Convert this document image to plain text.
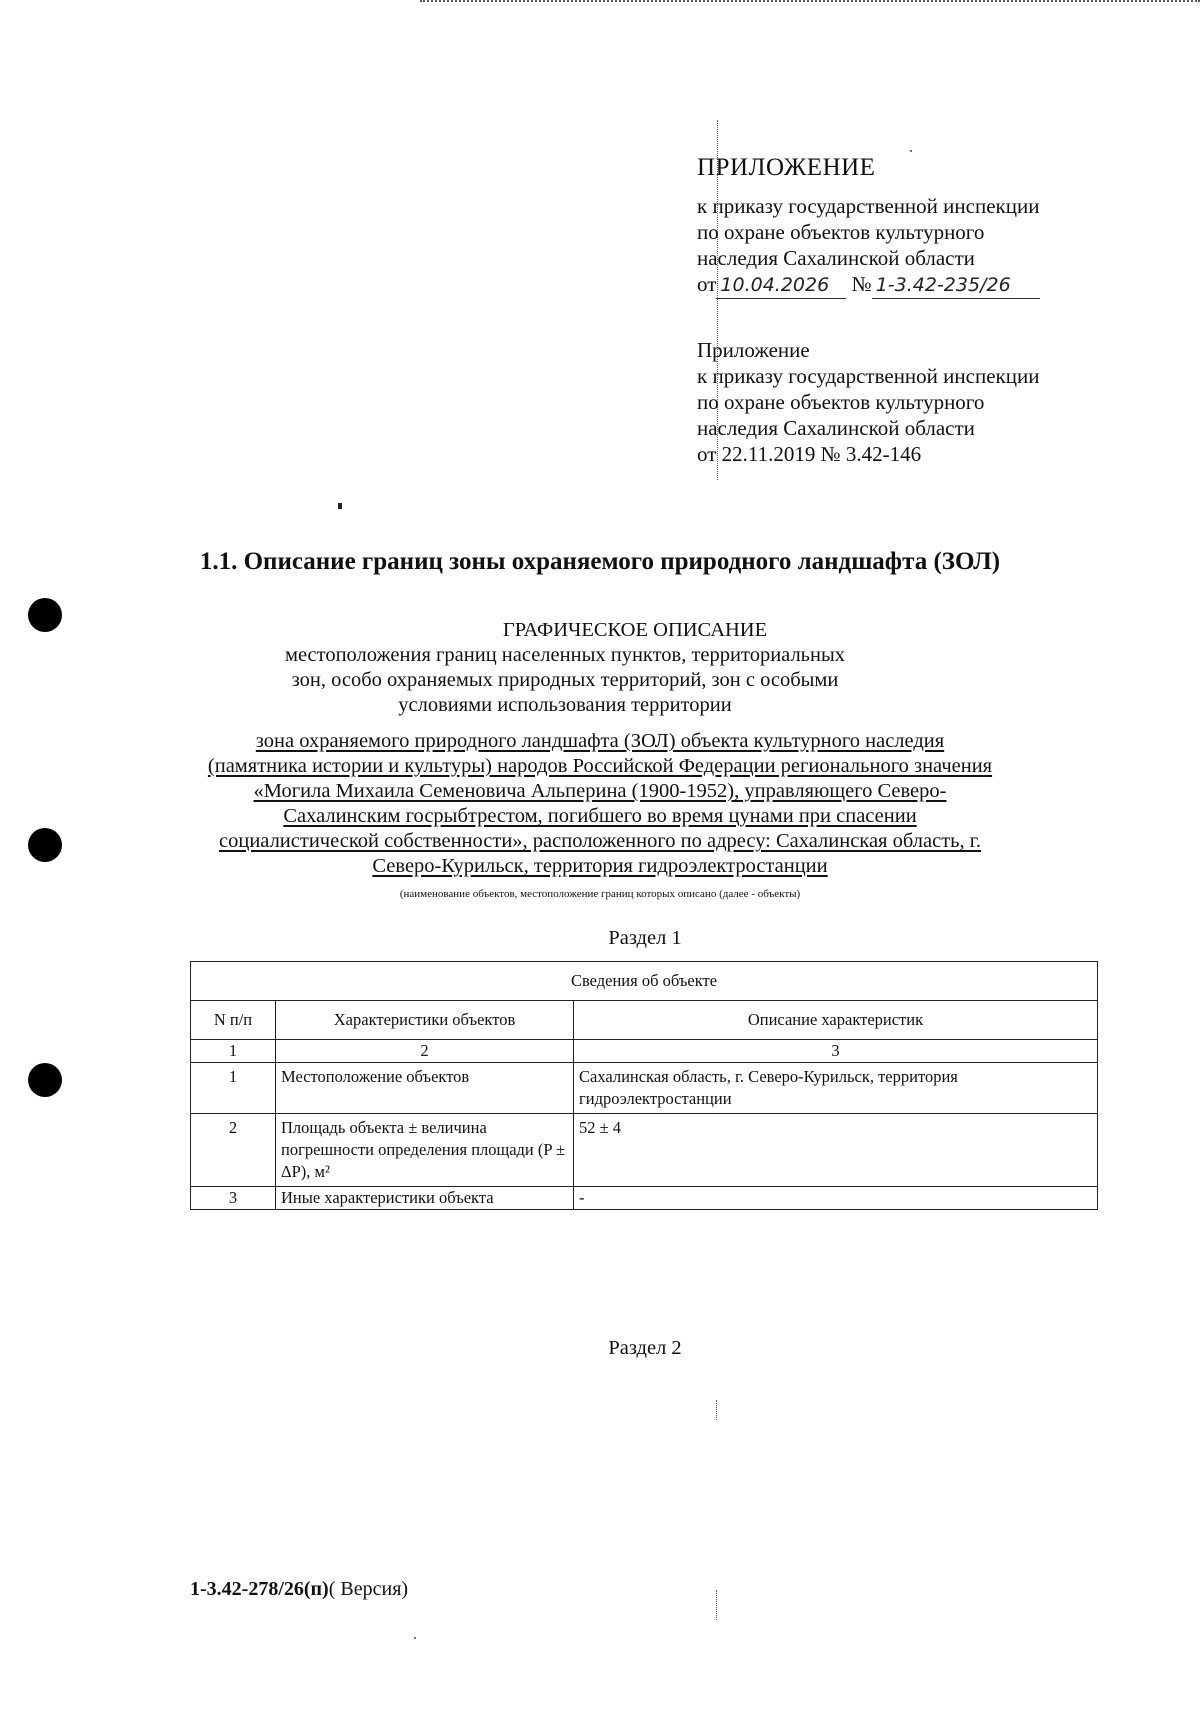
ПРИЛОЖЕНИЕ
к приказу государственной инспекции
по охране объектов культурного
наследия Сахалинской области
от 10.04.2026 № 1-3.42-235/26
Приложение
к приказу государственной инспекции
по охране объектов культурного
наследия Сахалинской области
от 22.11.2019 № 3.42-146
1.1. Описание границ зоны охраняемого природного ландшафта (ЗОЛ)
ГРАФИЧЕСКОЕ ОПИСАНИЕ
местоположения границ населенных пунктов, территориальных
зон, особо охраняемых природных территорий, зон с особыми
условиями использования территории
зона охраняемого природного ландшафта (ЗОЛ) объекта культурного наследия
(памятника истории и культуры) народов Российской Федерации регионального значения
«Могила Михаила Семеновича Альперина (1900-1952), управляющего Северо-
Сахалинским госрыбтрестом, погибшего во время цунами при спасении
социалистической собственности», расположенного по адресу: Сахалинская область, г.
Северо-Курильск, территория гидроэлектростанции
(наименование объектов, местоположение границ которых описано (далее - объекты)
Раздел 1
Сведения об объекте		
N п/п	Характеристики объектов	Описание характеристик
1	2	3
1	Местоположение объектов	Сахалинская область, г. Северо-Курильск, территория гидроэлектростанции
2	Площадь объекта ± величина погрешности определения площади (P ± ΔP), м²	52 ± 4
3	Иные характеристики объекта	-
Раздел 2
1-3.42-278/26(п)( Версия)
